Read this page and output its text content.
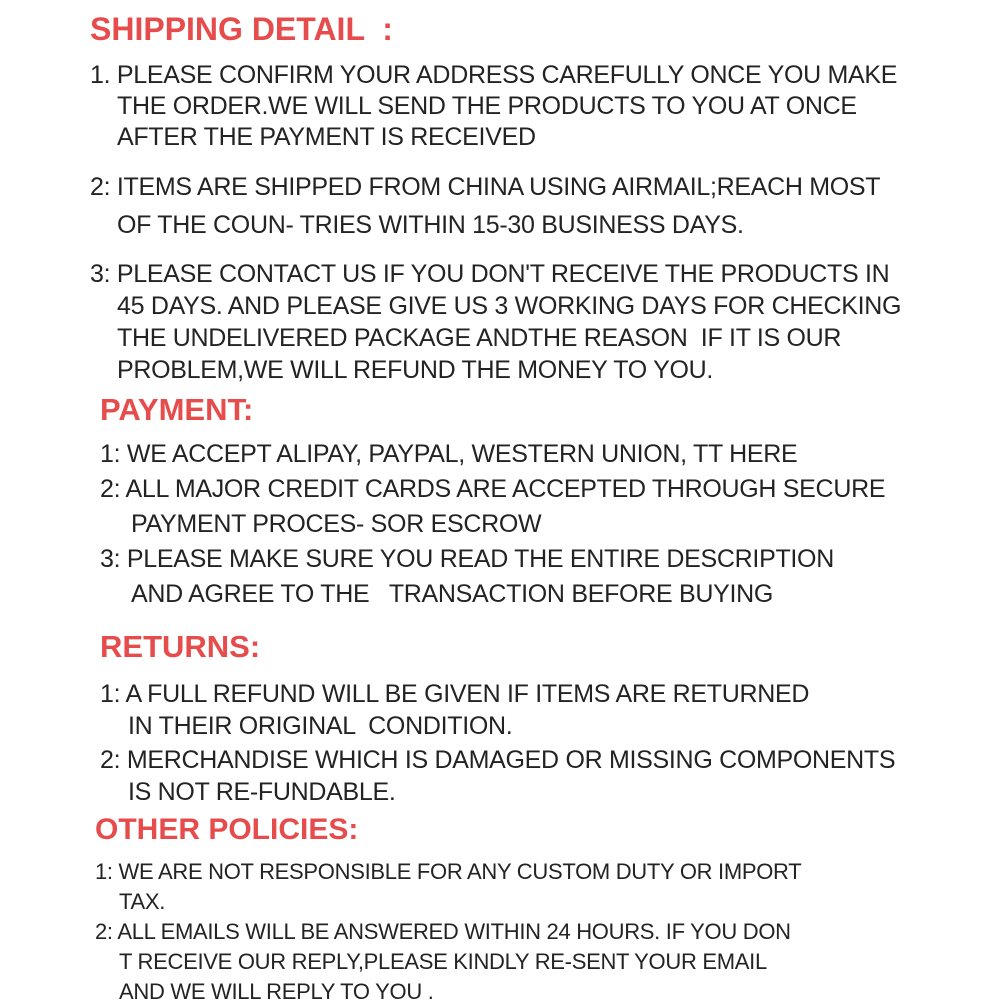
SHIPPING DETAIL  :

1. PLEASE CONFIRM YOUR ADDRESS CAREFULLY ONCE YOU MAKE
THE ORDER.WE WILL SEND THE PRODUCTS TO YOU AT ONCE
AFTER THE PAYMENT IS RECEIVED

2: ITEMS ARE SHIPPED FROM CHINA USING AIRMAIL;REACH MOST
OF THE COUN- TRIES WITHIN 15-30 BUSINESS DAYS.

3: PLEASE CONTACT US IF YOU DON'T RECEIVE THE PRODUCTS IN
45 DAYS. AND PLEASE GIVE US 3 WORKING DAYS FOR CHECKING
THE UNDELIVERED PACKAGE ANDTHE REASON  IF IT IS OUR
PROBLEM,WE WILL REFUND THE MONEY TO YOU.

PAYMENT:

1: WE ACCEPT ALIPAY, PAYPAL, WESTERN UNION, TT HERE

2: ALL MAJOR CREDIT CARDS ARE ACCEPTED THROUGH SECURE
PAYMENT PROCES- SOR ESCROW

3: PLEASE MAKE SURE YOU READ THE ENTIRE DESCRIPTION
AND AGREE TO THE   TRANSACTION BEFORE BUYING

RETURNS:

1: A FULL REFUND WILL BE GIVEN IF ITEMS ARE RETURNED
IN THEIR ORIGINAL  CONDITION.

2: MERCHANDISE WHICH IS DAMAGED OR MISSING COMPONENTS
IS NOT RE-FUNDABLE.

OTHER POLICIES:

1: WE ARE NOT RESPONSIBLE FOR ANY CUSTOM DUTY OR IMPORT
TAX.

2: ALL EMAILS WILL BE ANSWERED WITHIN 24 HOURS. IF YOU DON
T RECEIVE OUR REPLY,PLEASE KINDLY RE-SENT YOUR EMAIL
AND WE WILL REPLY TO YOU .
